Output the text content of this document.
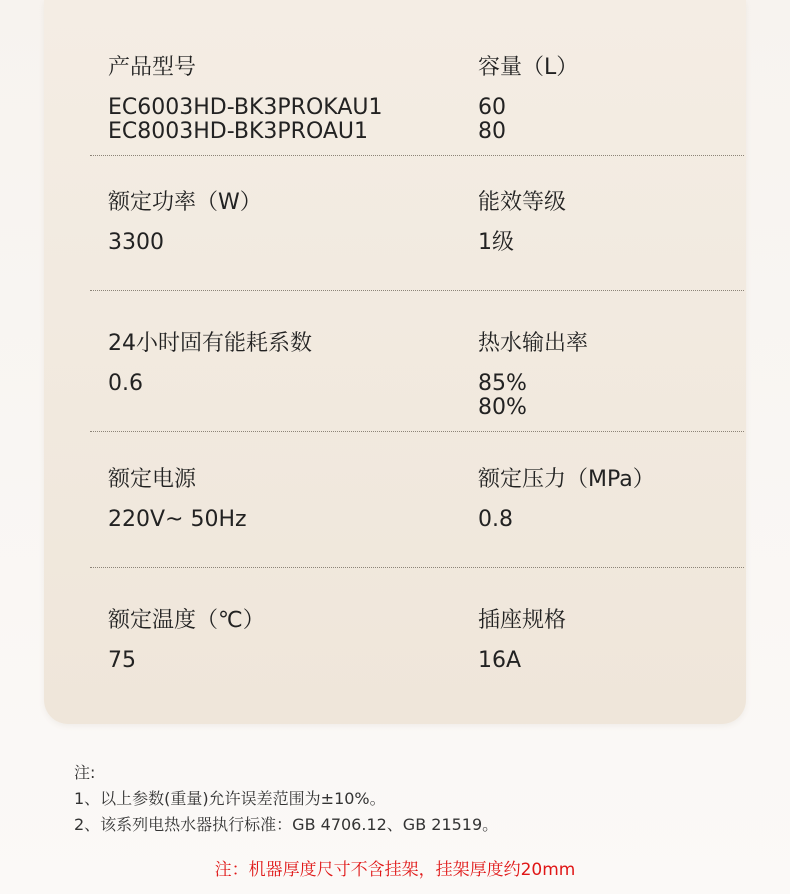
产品型号
EC6003HD-BK3PROKAU1
EC8003HD-BK3PROAU1
容量（L）
60
80
额定功率（W）
3300
能效等级
1级
24小时固有能耗系数
0.6
热水输出率
85%
80%
额定电源
220V~ 50Hz
额定压力（MPa）
0.8
额定温度（℃）
75
插座规格
16A
注:
1、以上参数(重量)允许误差范围为±10%。
2、该系列电热水器执行标准：GB 4706.12、GB 21519。
注：机器厚度尺寸不含挂架，挂架厚度约20mm
